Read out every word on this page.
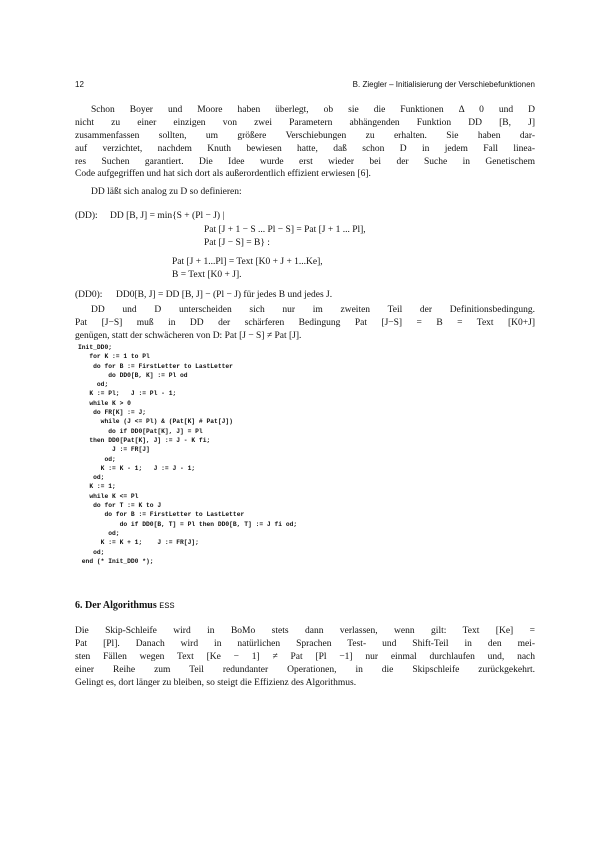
12	B. Ziegler – Initialisierung der Verschiebefunktionen
Schon Boyer und Moore haben überlegt, ob sie die Funktionen Δ 0 und D
nicht zu einer einzigen von zwei Parametern abhängenden Funktion DD [B, J]
zusammenfassen sollten, um größere Verschiebungen zu erhalten. Sie haben dar-
auf verzichtet, nachdem Knuth bewiesen hatte, daß schon D in jedem Fall linea-
res Suchen garantiert. Die Idee wurde erst wieder bei der Suche in Genetischem
Code aufgegriffen und hat sich dort als außerordentlich effizient erwiesen [6].
DD läßt sich analog zu D so definieren:
(DD): DD [B, J] = min{S + (Pl − J) |
Pat [J + 1 − S ... Pl − S] = Pat [J + 1 ... Pl],
Pat [J − S] = B} :
Pat [J + 1...Pl] = Text [K0 + J + 1...Ke],
B = Text [K0 + J].
(DD0): DD0[B, J] = DD [B, J] − (Pl − J) für jedes B und jedes J.
DD und D unterscheiden sich nur im zweiten Teil der Definitionsbedingung.
Pat [J−S] muß in DD der schärferen Bedingung Pat [J−S] = B = Text [K0+J]
genügen, statt der schwächeren von D: Pat [J − S] ≠ Pat [J].
Init_DD0;
for K := 1 to Pl
do for B := FirstLetter to LastLetter
do DD0[B, K] := Pl od
od;
K := Pl;   J := Pl - 1;
while K > 0
do FR[K] := J;
while (J <= Pl) & (Pat[K] # Pat[J])
do if DD0[Pat[K], J] = Pl
then DD0[Pat[K], J] := J - K fi;
J := FR[J]
od;
K := K - 1;   J := J - 1;
od;
K := 1;
while K <= Pl
do for T := K to J
do for B := FirstLetter to LastLetter
do if DD0[B, T] = Pl then DD0[B, T] := J fi od;
od;
K := K + 1;    J := FR[J];
od;
end (* Init_DD0 *);
6. Der Algorithmus ESS
Die Skip-Schleife wird in BoMo stets dann verlassen, wenn gilt: Text [Ke] =
Pat [Pl]. Danach wird in natürlichen Sprachen Test- und Shift-Teil in den mei-
sten Fällen wegen Text [Ke − 1] ≠ Pat [Pl −1] nur einmal durchlaufen und, nach
einer Reihe zum Teil redundanter Operationen, in die Skipschleife zurückgekehrt.
Gelingt es, dort länger zu bleiben, so steigt die Effizienz des Algorithmus.
